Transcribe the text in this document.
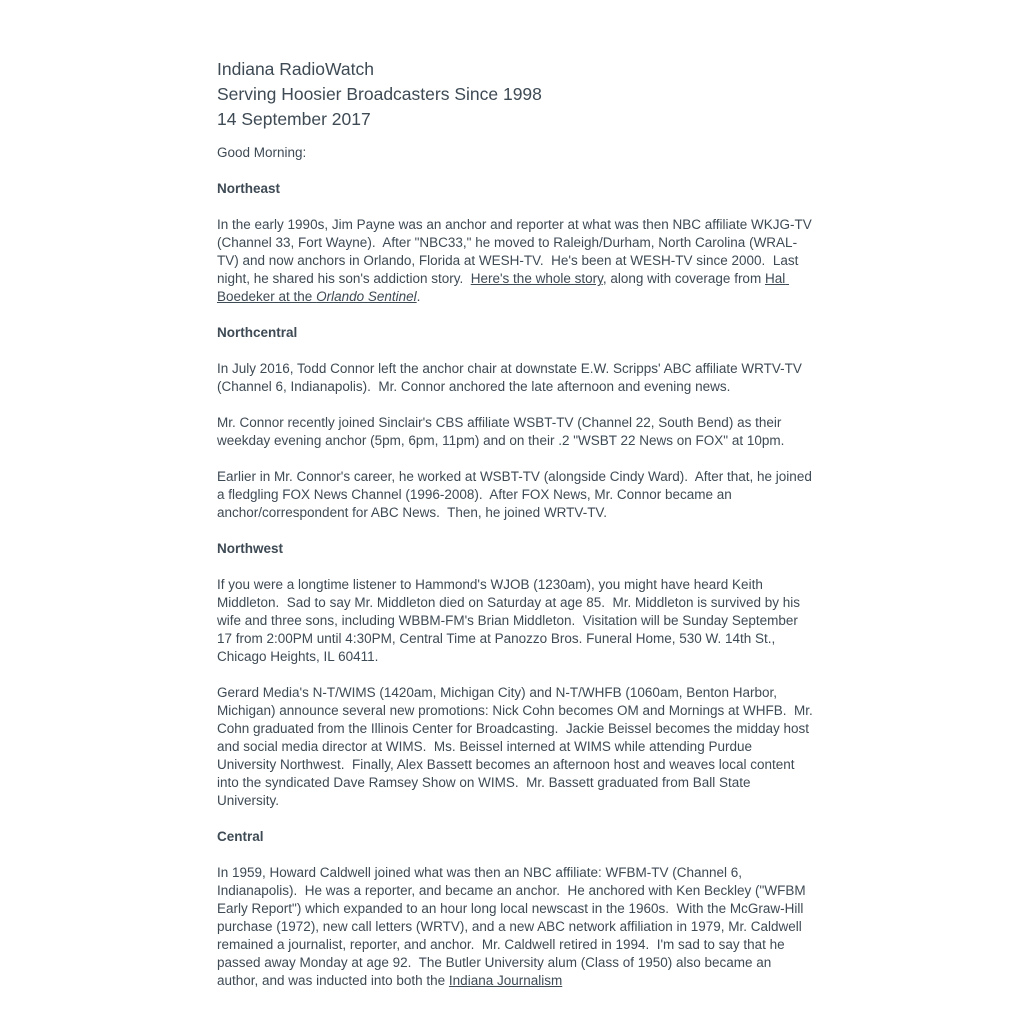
Indiana RadioWatch
Serving Hoosier Broadcasters Since 1998
14 September 2017

Good Morning:

Northeast

In the early 1990s, Jim Payne was an anchor and reporter at what was then NBC affiliate WKJG-TV (Channel 33, Fort Wayne).  After "NBC33," he moved to Raleigh/Durham, North Carolina (WRAL-TV) and now anchors in Orlando, Florida at WESH-TV.  He's been at WESH-TV since 2000.  Last night, he shared his son's addiction story.  Here's the whole story, along with coverage from Hal Boedeker at the Orlando Sentinel.

Northcentral

In July 2016, Todd Connor left the anchor chair at downstate E.W. Scripps' ABC affiliate WRTV-TV (Channel 6, Indianapolis).  Mr. Connor anchored the late afternoon and evening news.

Mr. Connor recently joined Sinclair's CBS affiliate WSBT-TV (Channel 22, South Bend) as their weekday evening anchor (5pm, 6pm, 11pm) and on their .2 "WSBT 22 News on FOX" at 10pm.

Earlier in Mr. Connor's career, he worked at WSBT-TV (alongside Cindy Ward).  After that, he joined a fledgling FOX News Channel (1996-2008).  After FOX News, Mr. Connor became an anchor/correspondent for ABC News.  Then, he joined WRTV-TV.

Northwest

If you were a longtime listener to Hammond's WJOB (1230am), you might have heard Keith Middleton.  Sad to say Mr. Middleton died on Saturday at age 85.  Mr. Middleton is survived by his wife and three sons, including WBBM-FM's Brian Middleton.  Visitation will be Sunday September 17 from 2:00PM until 4:30PM, Central Time at Panozzo Bros. Funeral Home, 530 W. 14th St., Chicago Heights, IL 60411.

Gerard Media's N-T/WIMS (1420am, Michigan City) and N-T/WHFB (1060am, Benton Harbor, Michigan) announce several new promotions: Nick Cohn becomes OM and Mornings at WHFB.  Mr. Cohn graduated from the Illinois Center for Broadcasting.  Jackie Beissel becomes the midday host and social media director at WIMS.  Ms. Beissel interned at WIMS while attending Purdue University Northwest.  Finally, Alex Bassett becomes an afternoon host and weaves local content into the syndicated Dave Ramsey Show on WIMS.  Mr. Bassett graduated from Ball State University.

Central

In 1959, Howard Caldwell joined what was then an NBC affiliate: WFBM-TV (Channel 6, Indianapolis).  He was a reporter, and became an anchor.  He anchored with Ken Beckley ("WFBM Early Report") which expanded to an hour long local newscast in the 1960s.  With the McGraw-Hill purchase (1972), new call letters (WRTV), and a new ABC network affiliation in 1979, Mr. Caldwell remained a journalist, reporter, and anchor.  Mr. Caldwell retired in 1994.  I'm sad to say that he passed away Monday at age 92.  The Butler University alum (Class of 1950) also became an author, and was inducted into both the Indiana Journalism
